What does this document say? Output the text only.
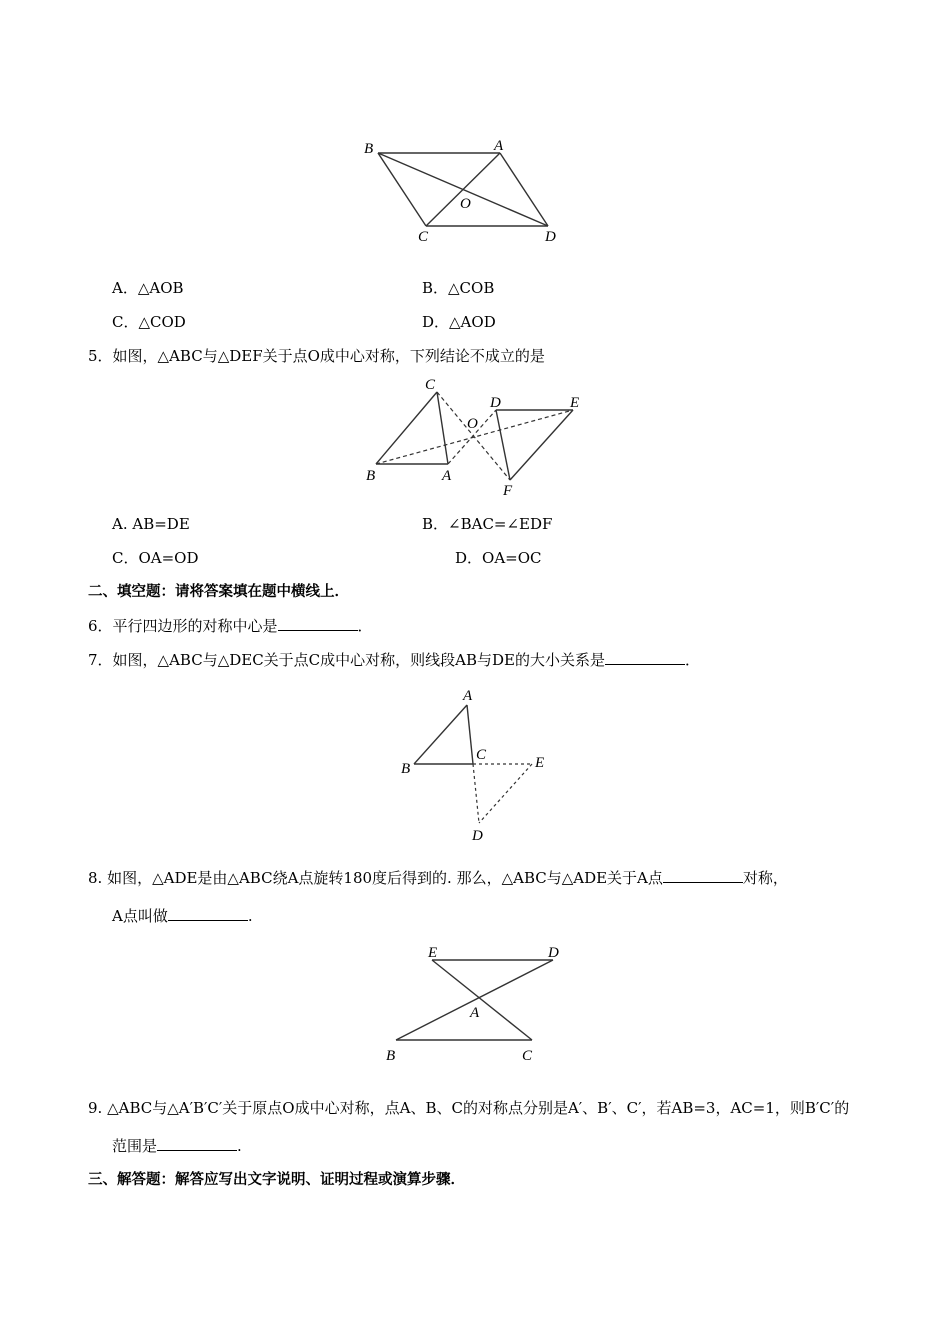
B	A
O
C	D
A．△AOB	B．△COB
C．△COD	D．△AOD
5．如图，△ABC与△DEF关于点O成中心对称，下列结论不成立的是
C
O
D	E
B	A
F
A. AB=DE	B．∠BAC=∠EDF
C．OA=OD	D．OA=OC
二、填空题：请将答案填在题中横线上．
6．平行四边形的对称中心是	．
7．如图，△ABC与△DEC关于点C成中心对称，则线段AB与DE的大小关系是	．
A
B
C	E
D
8. 如图，△ADE是由△ABC绕A点旋转180度后得到的. 那么，△ABC与△ADE关于A点	对称，
A点叫做	.
E	D
A
B	C
9. △ABC与△A′B′C′关于原点O成中心对称，点A、B、C的对称点分别是A′、B′、C′，若AB=3，AC=1，则B′C′的
范围是	.
三、解答题：解答应写出文字说明、证明过程或演算步骤．
